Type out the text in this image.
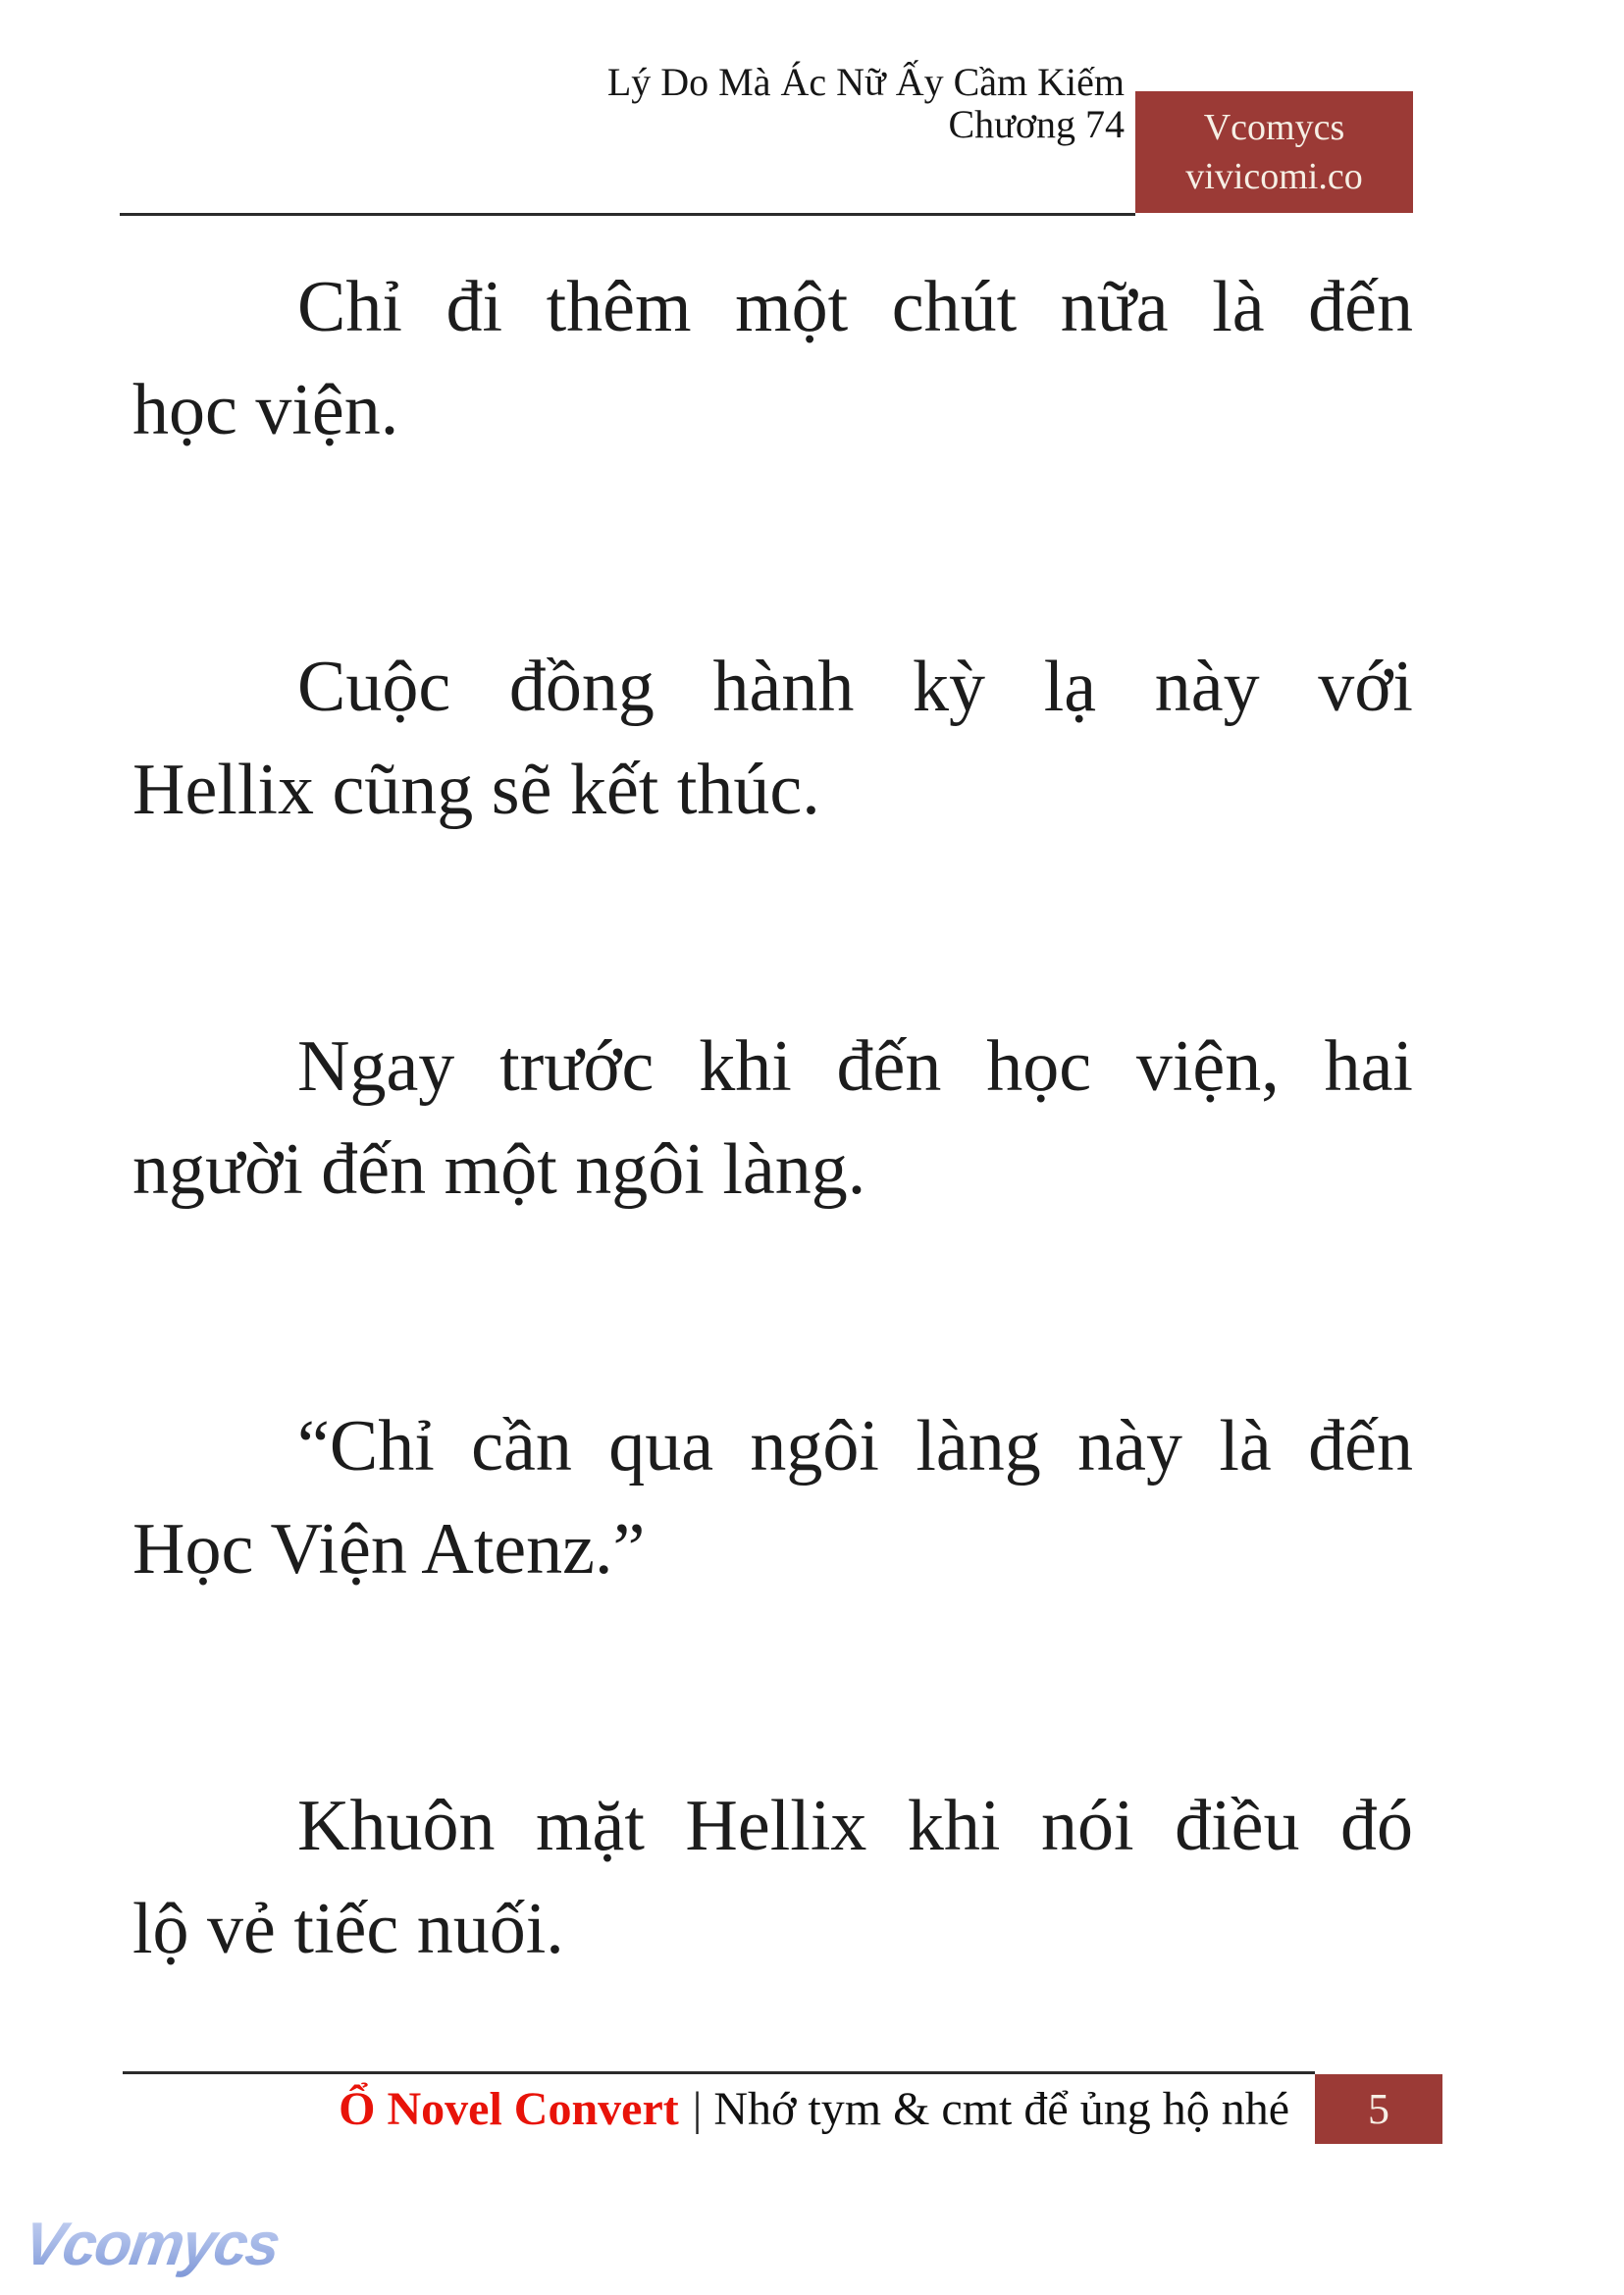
Lý Do Mà Ác Nữ Ấy Cầm Kiếm
Chương 74 Vcomycs
vivicomi.co
Chỉ đi thêm một chút nữa là đến
học viện.
Cuộc đồng hành kỳ lạ này với
Hellix cũng sẽ kết thúc.
Ngay trước khi đến học viện, hai
người đến một ngôi làng.
“Chỉ cần qua ngôi làng này là đến
Học Viện Atenz.”
Khuôn mặt Hellix khi nói điều đó
lộ vẻ tiếc nuối.
Ổ Novel Convert | Nhớ tym & cmt để ủng hộ nhé 5
Vcomycs
